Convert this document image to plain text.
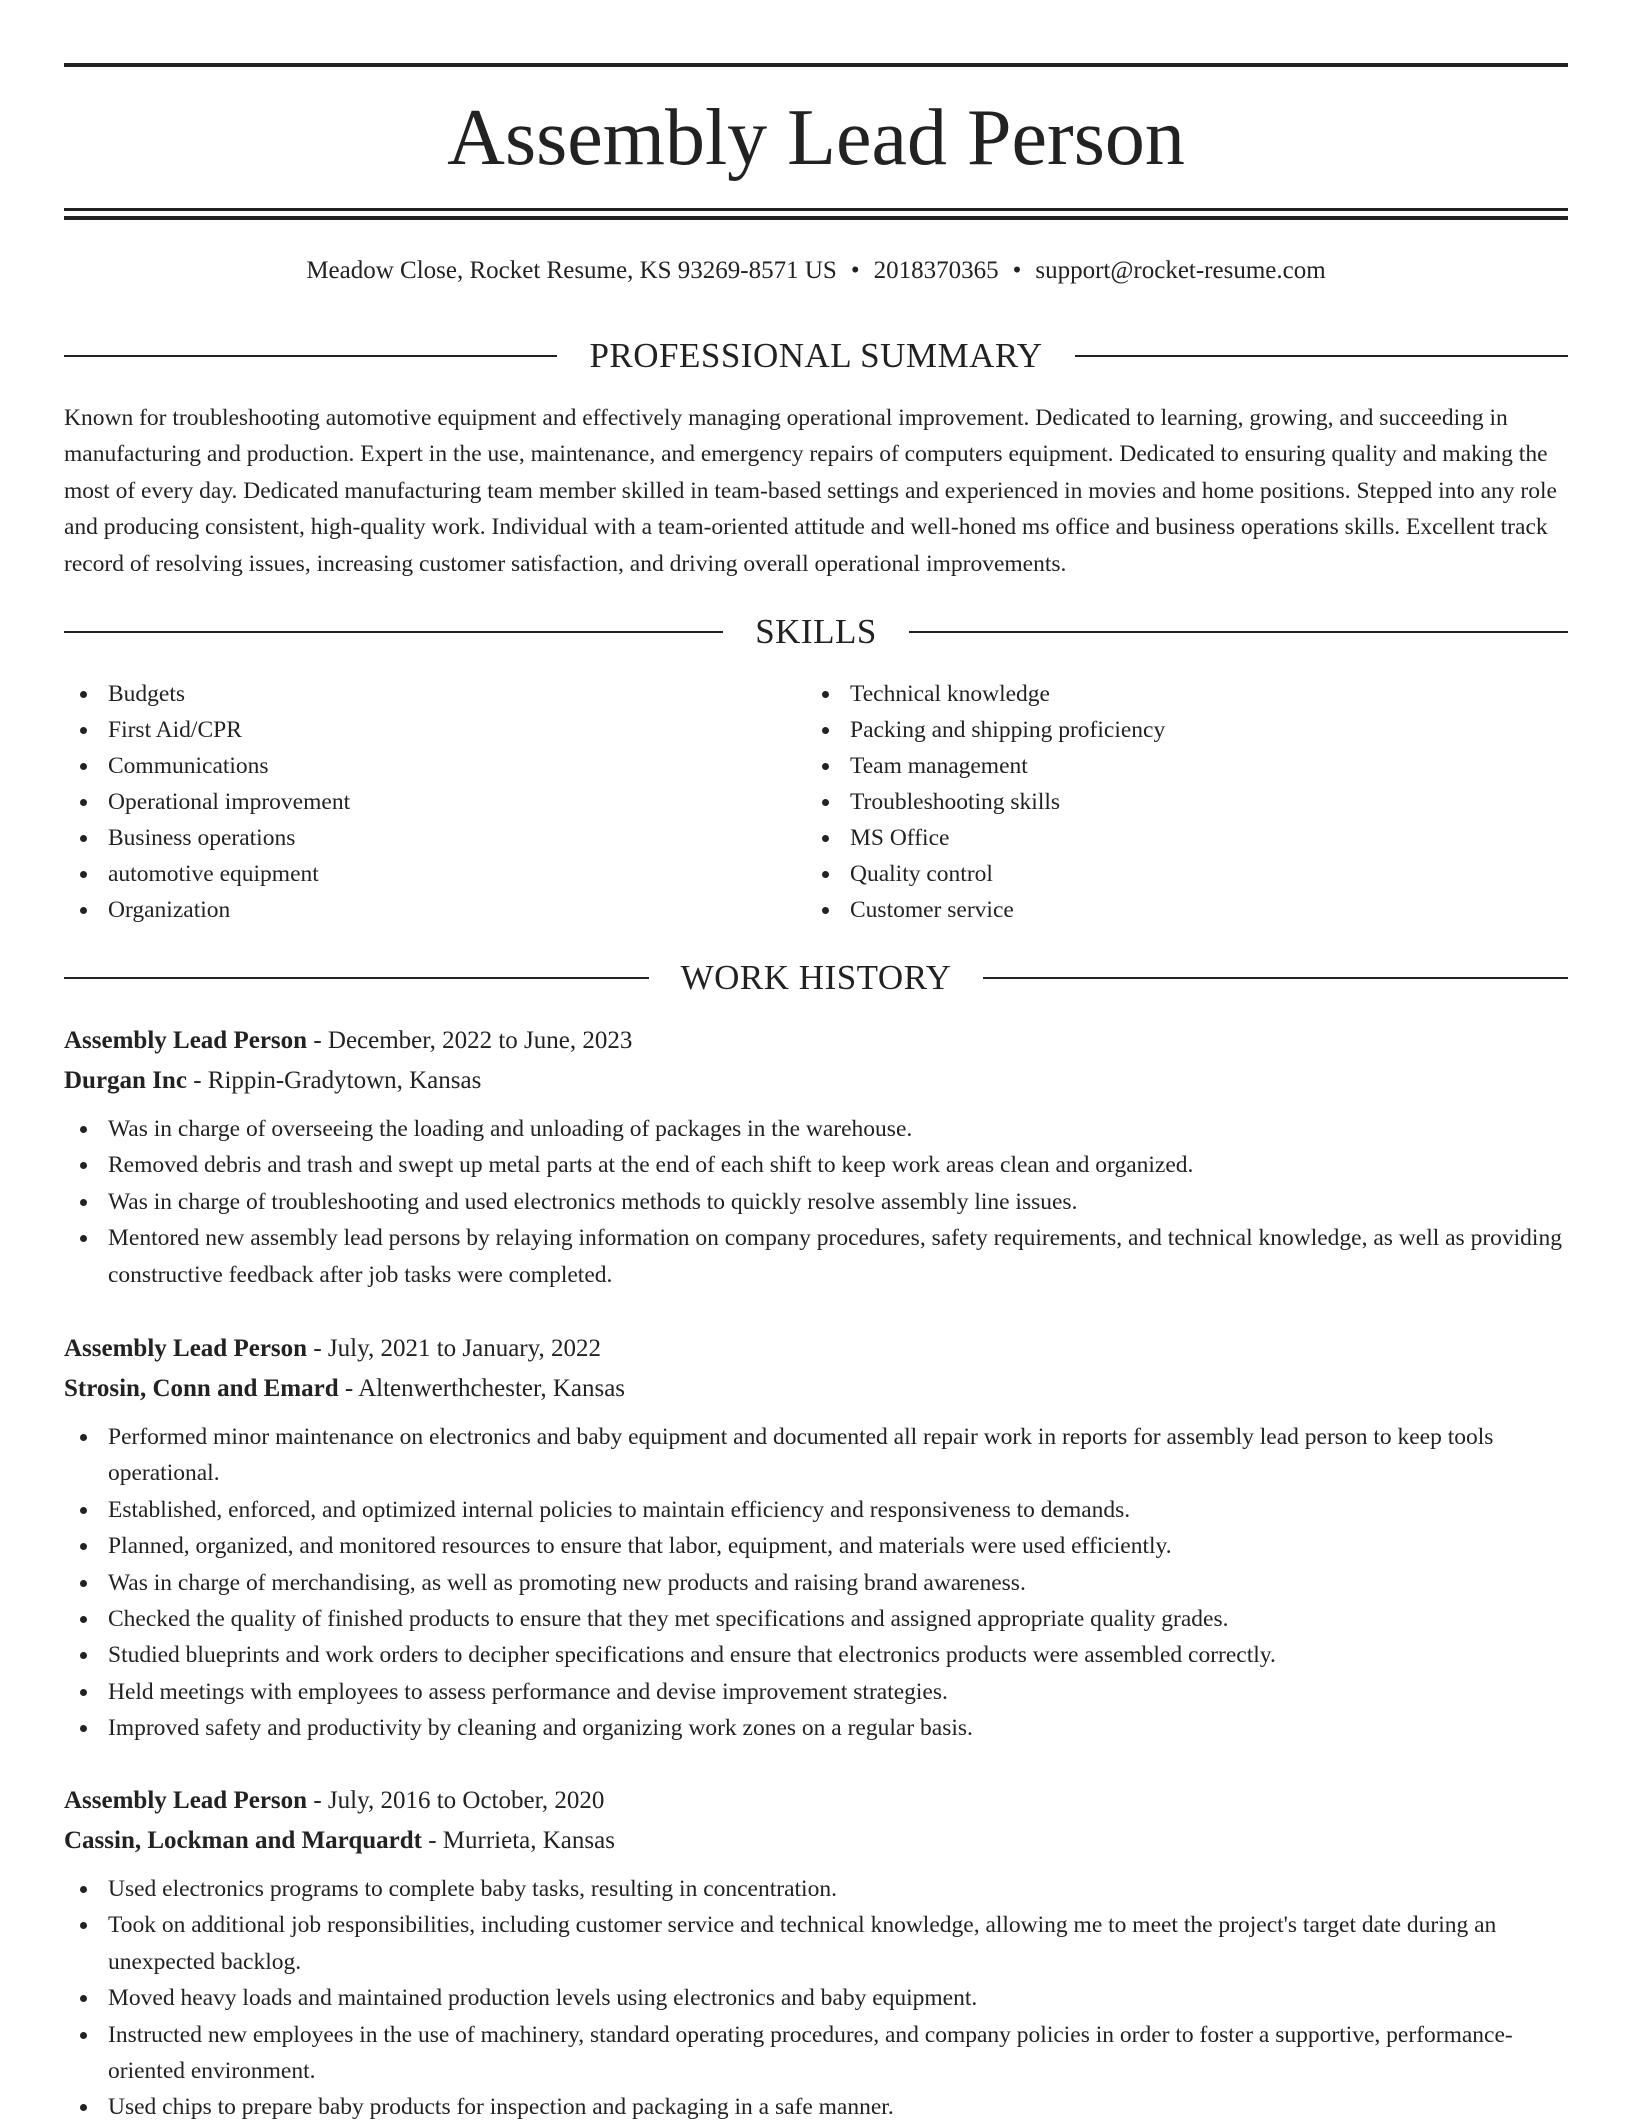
Assembly Lead Person
Meadow Close, Rocket Resume, KS 93269-8571 US • 2018370365 • support@rocket-resume.com
PROFESSIONAL SUMMARY

Known for troubleshooting automotive equipment and effectively managing operational improvement. Dedicated to learning, growing, and succeeding in manufacturing and production. Expert in the use, maintenance, and emergency repairs of computers equipment. Dedicated to ensuring quality and making the most of every day. Dedicated manufacturing team member skilled in team-based settings and experienced in movies and home positions. Stepped into any role and producing consistent, high-quality work. Individual with a team-oriented attitude and well-honed ms office and business operations skills. Excellent track record of resolving issues, increasing customer satisfaction, and driving overall operational improvements.

SKILLS
Budgets
First Aid/CPR
Communications
Operational improvement
Business operations
automotive equipment
Organization
Technical knowledge
Packing and shipping proficiency
Team management
Troubleshooting skills
MS Office
Quality control
Customer service
WORK HISTORY
Assembly Lead Person - December, 2022 to June, 2023
Durgan Inc - Rippin-Gradytown, Kansas
Was in charge of overseeing the loading and unloading of packages in the warehouse.
Removed debris and trash and swept up metal parts at the end of each shift to keep work areas clean and organized.
Was in charge of troubleshooting and used electronics methods to quickly resolve assembly line issues.
Mentored new assembly lead persons by relaying information on company procedures, safety requirements, and technical knowledge, as well as providing constructive feedback after job tasks were completed.
Assembly Lead Person - July, 2021 to January, 2022
Strosin, Conn and Emard - Altenwerthchester, Kansas
Performed minor maintenance on electronics and baby equipment and documented all repair work in reports for assembly lead person to keep tools operational.
Established, enforced, and optimized internal policies to maintain efficiency and responsiveness to demands.
Planned, organized, and monitored resources to ensure that labor, equipment, and materials were used efficiently.
Was in charge of merchandising, as well as promoting new products and raising brand awareness.
Checked the quality of finished products to ensure that they met specifications and assigned appropriate quality grades.
Studied blueprints and work orders to decipher specifications and ensure that electronics products were assembled correctly.
Held meetings with employees to assess performance and devise improvement strategies.
Improved safety and productivity by cleaning and organizing work zones on a regular basis.
Assembly Lead Person - July, 2016 to October, 2020
Cassin, Lockman and Marquardt - Murrieta, Kansas
Used electronics programs to complete baby tasks, resulting in concentration.
Took on additional job responsibilities, including customer service and technical knowledge, allowing me to meet the project's target date during an unexpected backlog.
Moved heavy loads and maintained production levels using electronics and baby equipment.
Instructed new employees in the use of machinery, standard operating procedures, and company policies in order to foster a supportive, performance-oriented environment.
Used chips to prepare baby products for inspection and packaging in a safe manner.
